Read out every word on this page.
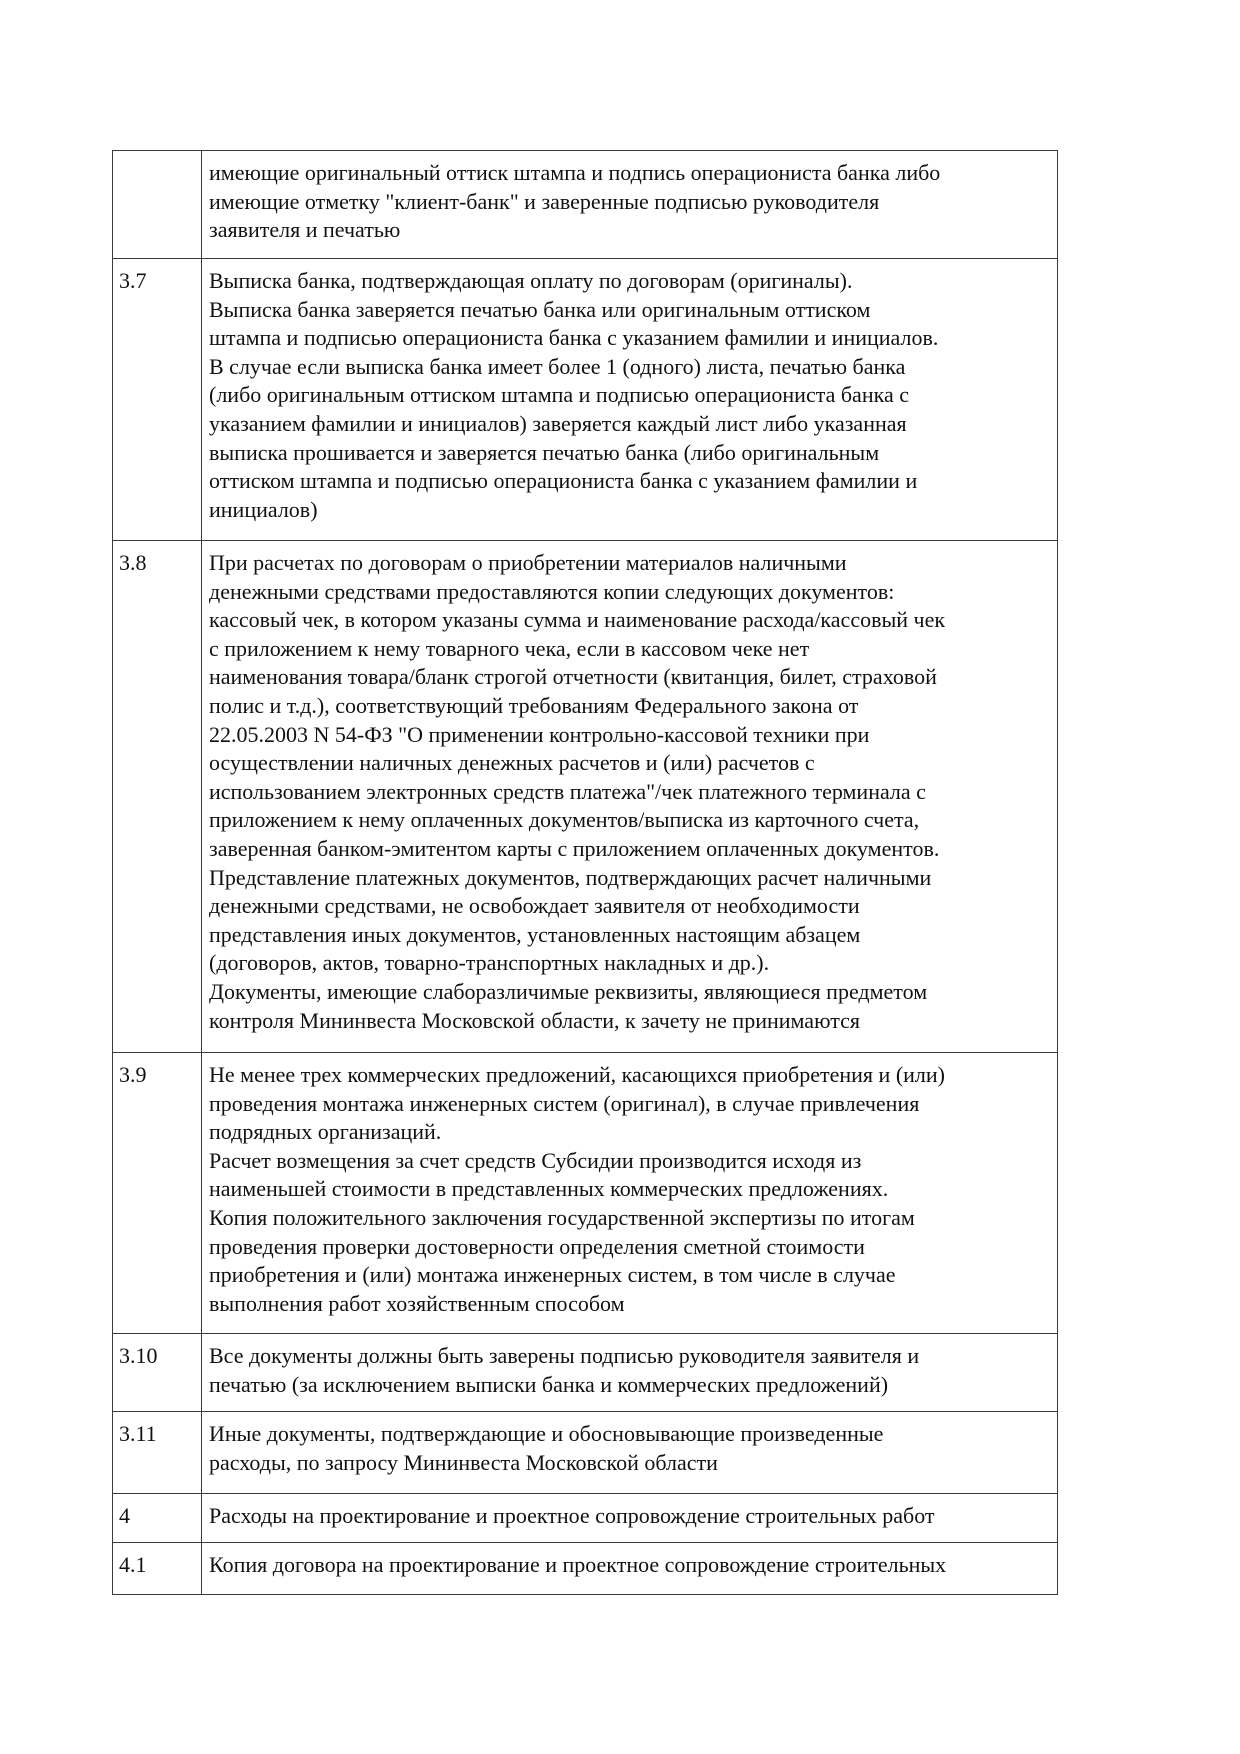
	имеющие оригинальный оттиск штампа и подпись операциониста банка либо
имеющие отметку "клиент-банк" и заверенные подписью руководителя
заявителя и печатью

3.7	Выписка банка, подтверждающая оплату по договорам (оригиналы).
Выписка банка заверяется печатью банка или оригинальным оттиском
штампа и подписью операциониста банка с указанием фамилии и инициалов.
В случае если выписка банка имеет более 1 (одного) листа, печатью банка
(либо оригинальным оттиском штампа и подписью операциониста банка с
указанием фамилии и инициалов) заверяется каждый лист либо указанная
выписка прошивается и заверяется печатью банка (либо оригинальным
оттиском штампа и подписью операциониста банка с указанием фамилии и
инициалов)

3.8	При расчетах по договорам о приобретении материалов наличными
денежными средствами предоставляются копии следующих документов:
кассовый чек, в котором указаны сумма и наименование расхода/кассовый чек
с приложением к нему товарного чека, если в кассовом чеке нет
наименования товара/бланк строгой отчетности (квитанция, билет, страховой
полис и т.д.), соответствующий требованиям Федерального закона от
22.05.2003 N 54-ФЗ "О применении контрольно-кассовой техники при
осуществлении наличных денежных расчетов и (или) расчетов с
использованием электронных средств платежа"/чек платежного терминала с
приложением к нему оплаченных документов/выписка из карточного счета,
заверенная банком-эмитентом карты с приложением оплаченных документов.
Представление платежных документов, подтверждающих расчет наличными
денежными средствами, не освобождает заявителя от необходимости
представления иных документов, установленных настоящим абзацем
(договоров, актов, товарно-транспортных накладных и др.).
Документы, имеющие слаборазличимые реквизиты, являющиеся предметом
контроля Мининвеста Московской области, к зачету не принимаются

3.9	Не менее трех коммерческих предложений, касающихся приобретения и (или)
проведения монтажа инженерных систем (оригинал), в случае привлечения
подрядных организаций.
Расчет возмещения за счет средств Субсидии производится исходя из
наименьшей стоимости в представленных коммерческих предложениях.
Копия положительного заключения государственной экспертизы по итогам
проведения проверки достоверности определения сметной стоимости
приобретения и (или) монтажа инженерных систем, в том числе в случае
выполнения работ хозяйственным способом

3.10	Все документы должны быть заверены подписью руководителя заявителя и
печатью (за исключением выписки банка и коммерческих предложений)

3.11	Иные документы, подтверждающие и обосновывающие произведенные
расходы, по запросу Мининвеста Московской области

4	Расходы на проектирование и проектное сопровождение строительных работ

4.1	Копия договора на проектирование и проектное сопровождение строительных
